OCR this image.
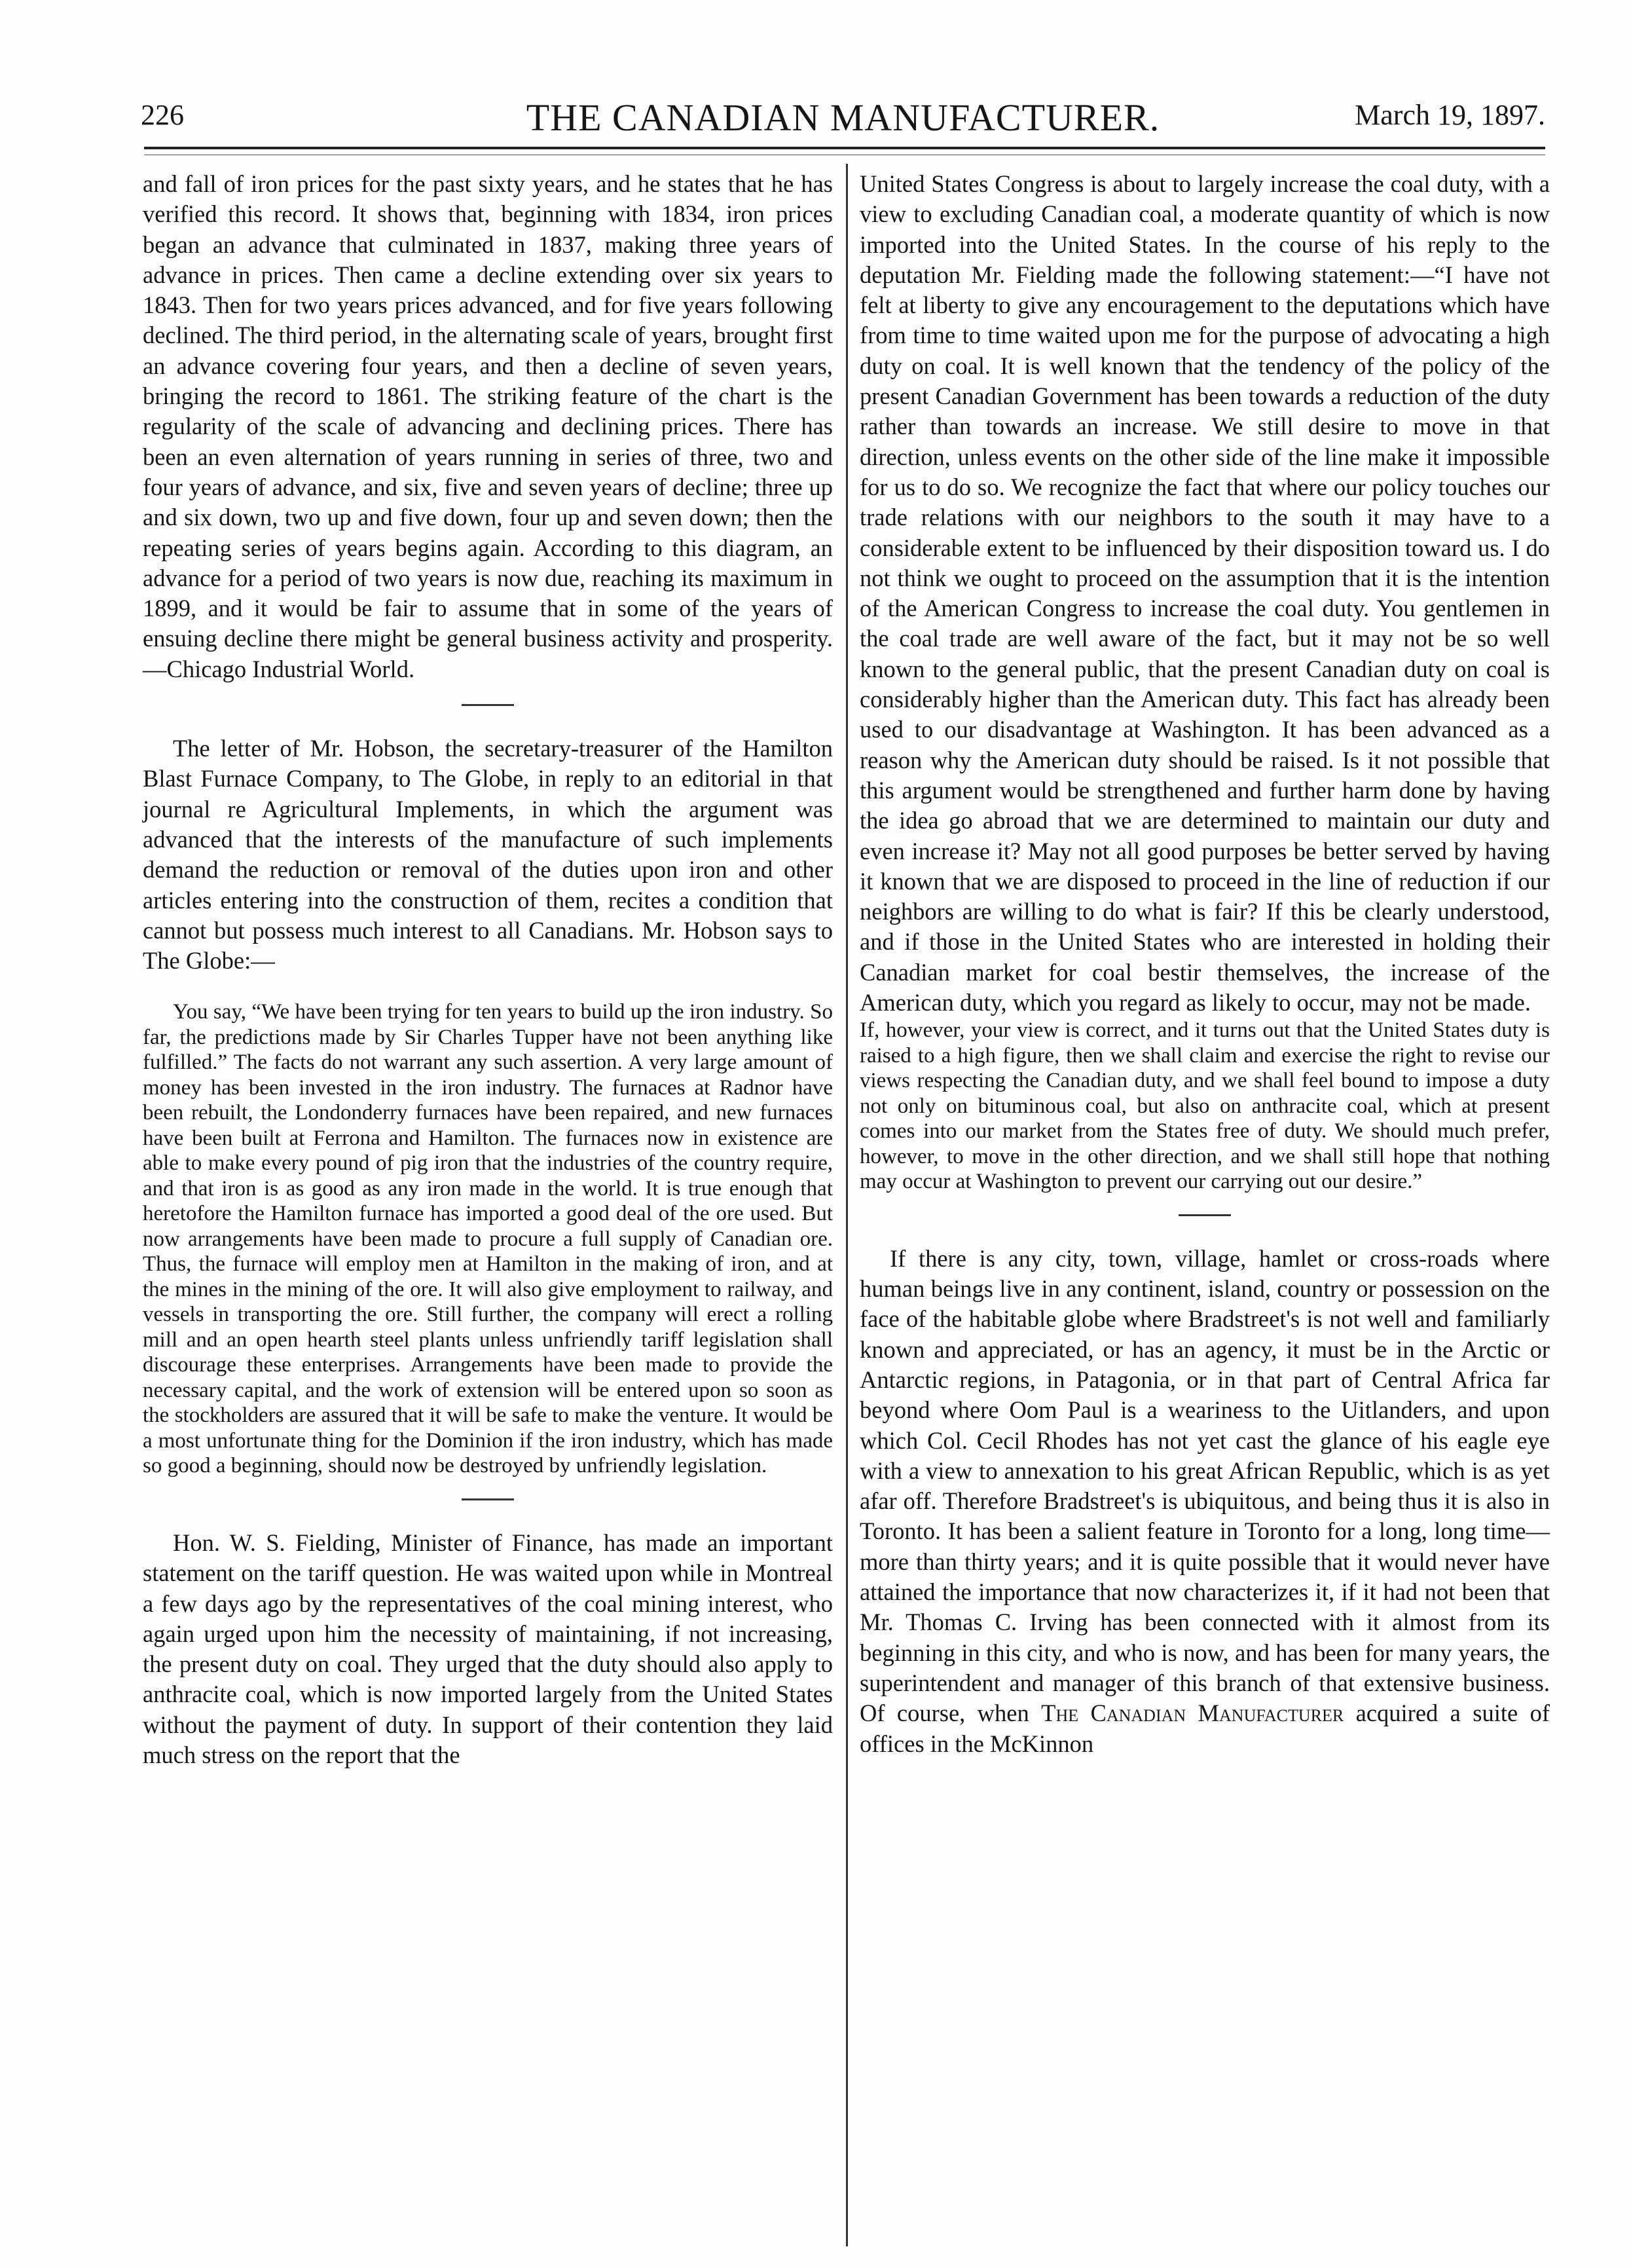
226	THE CANADIAN MANUFACTURER.	March 19, 1897.

and fall of iron prices for the past sixty years, and he states that he has verified this record. It shows that, beginning with 1834, iron prices began an advance that culminated in 1837, making three years of advance in prices. Then came a decline extending over six years to 1843. Then for two years prices advanced, and for five years following declined. The third period, in the alternating scale of years, brought first an advance covering four years, and then a decline of seven years, bringing the record to 1861. The striking feature of the chart is the regularity of the scale of advancing and declining prices. There has been an even alternation of years running in series of three, two and four years of advance, and six, five and seven years of decline; three up and six down, two up and five down, four up and seven down; then the repeating series of years begins again. According to this diagram, an advance for a period of two years is now due, reaching its maximum in 1899, and it would be fair to assume that in some of the years of ensuing decline there might be general business activity and prosperity.—Chicago Industrial World.

The letter of Mr. Hobson, the secretary-treasurer of the Hamilton Blast Furnace Company, to The Globe, in reply to an editorial in that journal re Agricultural Implements, in which the argument was advanced that the interests of the manufacture of such implements demand the reduction or removal of the duties upon iron and other articles entering into the construction of them, recites a condition that cannot but possess much interest to all Canadians. Mr. Hobson says to The Globe:—

You say, “We have been trying for ten years to build up the iron industry. So far, the predictions made by Sir Charles Tupper have not been anything like fulfilled.” The facts do not warrant any such assertion. A very large amount of money has been invested in the iron industry. The furnaces at Radnor have been rebuilt, the Londonderry furnaces have been repaired, and new furnaces have been built at Ferrona and Hamilton. The furnaces now in existence are able to make every pound of pig iron that the industries of the country require, and that iron is as good as any iron made in the world. It is true enough that heretofore the Hamilton furnace has imported a good deal of the ore used. But now arrangements have been made to procure a full supply of Canadian ore. Thus, the furnace will employ men at Hamilton in the making of iron, and at the mines in the mining of the ore. It will also give employment to railway, and vessels in transporting the ore. Still further, the company will erect a rolling mill and an open hearth steel plants unless unfriendly tariff legislation shall discourage these enterprises. Arrangements have been made to provide the necessary capital, and the work of extension will be entered upon so soon as the stockholders are assured that it will be safe to make the venture. It would be a most unfortunate thing for the Dominion if the iron industry, which has made so good a beginning, should now be destroyed by unfriendly legislation.

Hon. W. S. Fielding, Minister of Finance, has made an important statement on the tariff question. He was waited upon while in Montreal a few days ago by the representatives of the coal mining interest, who again urged upon him the necessity of maintaining, if not increasing, the present duty on coal. They urged that the duty should also apply to anthracite coal, which is now imported largely from the United States without the payment of duty. In support of their contention they laid much stress on the report that the

United States Congress is about to largely increase the coal duty, with a view to excluding Canadian coal, a moderate quantity of which is now imported into the United States. In the course of his reply to the deputation Mr. Fielding made the following statement:—“I have not felt at liberty to give any encouragement to the deputations which have from time to time waited upon me for the purpose of advocating a high duty on coal. It is well known that the tendency of the policy of the present Canadian Government has been towards a reduction of the duty rather than towards an increase. We still desire to move in that direction, unless events on the other side of the line make it impossible for us to do so. We recognize the fact that where our policy touches our trade relations with our neighbors to the south it may have to a considerable extent to be influenced by their disposition toward us. I do not think we ought to proceed on the assumption that it is the intention of the American Congress to increase the coal duty. You gentlemen in the coal trade are well aware of the fact, but it may not be so well known to the general public, that the present Canadian duty on coal is considerably higher than the American duty. This fact has already been used to our disadvantage at Washington. It has been advanced as a reason why the American duty should be raised. Is it not possible that this argument would be strengthened and further harm done by having the idea go abroad that we are determined to maintain our duty and even increase it? May not all good purposes be better served by having it known that we are disposed to proceed in the line of reduction if our neighbors are willing to do what is fair? If this be clearly understood, and if those in the United States who are interested in holding their Canadian market for coal bestir themselves, the increase of the American duty, which you regard as likely to occur, may not be made.

If, however, your view is correct, and it turns out that the United States duty is raised to a high figure, then we shall claim and exercise the right to revise our views respecting the Canadian duty, and we shall feel bound to impose a duty not only on bituminous coal, but also on anthracite coal, which at present comes into our market from the States free of duty. We should much prefer, however, to move in the other direction, and we shall still hope that nothing may occur at Washington to prevent our carrying out our desire.”

If there is any city, town, village, hamlet or cross-roads where human beings live in any continent, island, country or possession on the face of the habitable globe where Bradstreet's is not well and familiarly known and appreciated, or has an agency, it must be in the Arctic or Antarctic regions, in Patagonia, or in that part of Central Africa far beyond where Oom Paul is a weariness to the Uitlanders, and upon which Col. Cecil Rhodes has not yet cast the glance of his eagle eye with a view to annexation to his great African Republic, which is as yet afar off. Therefore Bradstreet's is ubiquitous, and being thus it is also in Toronto. It has been a salient feature in Toronto for a long, long time—more than thirty years; and it is quite possible that it would never have attained the importance that now characterizes it, if it had not been that Mr. Thomas C. Irving has been connected with it almost from its beginning in this city, and who is now, and has been for many years, the superintendent and manager of this branch of that extensive business. Of course, when The Canadian Manufacturer acquired a suite of offices in the McKinnon
